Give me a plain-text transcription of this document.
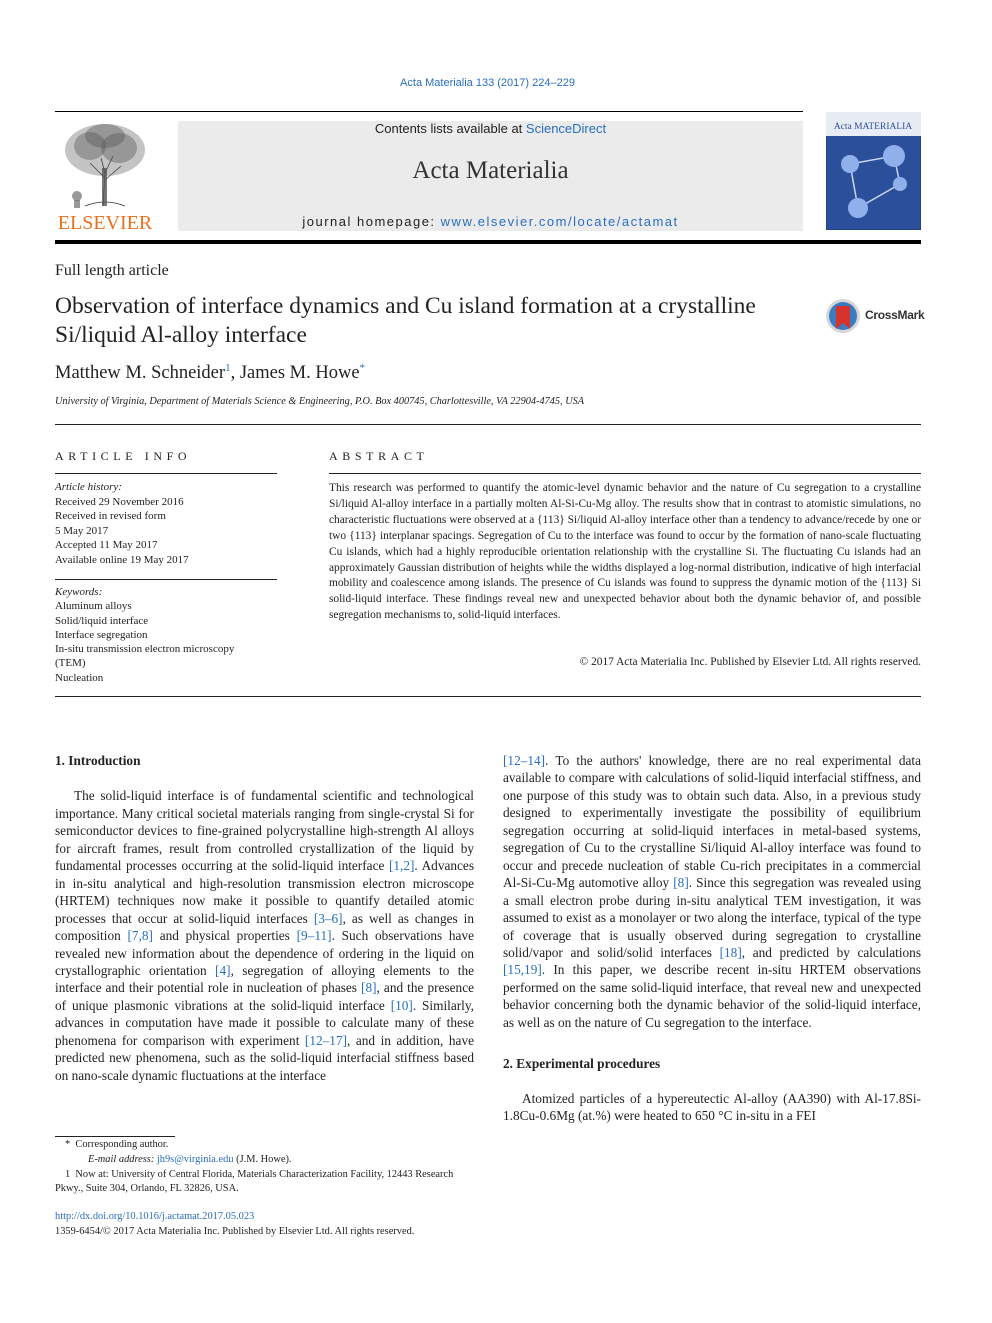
Acta Materialia 133 (2017) 224–229
ELSEVIER
Contents lists available at ScienceDirect
Acta Materialia
journal homepage: www.elsevier.com/locate/actamat
Acta MATERIALIA
Full length article
Observation of interface dynamics and Cu island formation at a crystalline Si/liquid Al-alloy interface
CrossMark
Matthew M. Schneider$^1$, James M. Howe*
University of Virginia, Department of Materials Science & Engineering, P.O. Box 400745, Charlottesville, VA 22904-4745, USA
ARTICLE INFO
Article history:
Received 29 November 2016
Received in revised form
5 May 2017
Accepted 11 May 2017
Available online 19 May 2017
Keywords:
Aluminum alloys
Solid/liquid interface
Interface segregation
In-situ transmission electron microscopy
(TEM)
Nucleation
ABSTRACT
This research was performed to quantify the atomic-level dynamic behavior and the nature of Cu segregation to a crystalline Si/liquid Al-alloy interface in a partially molten Al-Si-Cu-Mg alloy. The results show that in contrast to atomistic simulations, no characteristic fluctuations were observed at a {113} Si/liquid Al-alloy interface other than a tendency to advance/recede by one or two {113} interplanar spacings. Segregation of Cu to the interface was found to occur by the formation of nano-scale fluctuating Cu islands, which had a highly reproducible orientation relationship with the crystalline Si. The fluctuating Cu islands had an approximately Gaussian distribution of heights while the widths displayed a log-normal distribution, indicative of high interfacial mobility and coalescence among islands. The presence of Cu islands was found to suppress the dynamic motion of the {113} Si solid-liquid interface. These findings reveal new and unexpected behavior about both the dynamic behavior of, and possible segregation mechanisms to, solid-liquid interfaces.
© 2017 Acta Materialia Inc. Published by Elsevier Ltd. All rights reserved.

1. Introduction

The solid-liquid interface is of fundamental scientific and technological importance. Many critical societal materials ranging from single-crystal Si for semiconductor devices to fine-grained polycrystalline high-strength Al alloys for aircraft frames, result from controlled crystallization of the liquid by fundamental processes occurring at the solid-liquid interface [1,2]. Advances in in-situ analytical and high-resolution transmission electron microscope (HRTEM) techniques now make it possible to quantify detailed atomic processes that occur at solid-liquid interfaces [3–6], as well as changes in composition [7,8] and physical properties [9–11]. Such observations have revealed new information about the dependence of ordering in the liquid on crystallographic orientation [4], segregation of alloying elements to the interface and their potential role in nucleation of phases [8], and the presence of unique plasmonic vibrations at the solid-liquid interface [10]. Similarly, advances in computation have made it possible to calculate many of these phenomena for comparison with experiment [12–17], and in addition, have predicted new phenomena, such as the solid-liquid interfacial stiffness based on nano-scale dynamic fluctuations at the interface

[12–14]. To the authors' knowledge, there are no real experimental data available to compare with calculations of solid-liquid interfacial stiffness, and one purpose of this study was to obtain such data. Also, in a previous study designed to experimentally investigate the possibility of equilibrium segregation occurring at solid-liquid interfaces in metal-based systems, segregation of Cu to the crystalline Si/liquid Al-alloy interface was found to occur and precede nucleation of stable Cu-rich precipitates in a commercial Al-Si-Cu-Mg automotive alloy [8]. Since this segregation was revealed using a small electron probe during in-situ analytical TEM investigation, it was assumed to exist as a monolayer or two along the interface, typical of the type of coverage that is usually observed during segregation to crystalline solid/vapor and solid/solid interfaces [18], and predicted by calculations [15,19]. In this paper, we describe recent in-situ HRTEM observations performed on the same solid-liquid interface, that reveal new and unexpected behavior concerning both the dynamic behavior of the solid-liquid interface, as well as on the nature of Cu segregation to the interface.

2. Experimental procedures

Atomized particles of a hypereutectic Al-alloy (AA390) with Al-17.8Si-1.8Cu-0.6Mg (at.%) were heated to 650 °C in-situ in a FEI

* Corresponding author.
E-mail address: jh9s@virginia.edu (J.M. Howe).
1 Now at: University of Central Florida, Materials Characterization Facility, 12443 Research Pkwy., Suite 304, Orlando, FL 32826, USA.
http://dx.doi.org/10.1016/j.actamat.2017.05.023
1359-6454/© 2017 Acta Materialia Inc. Published by Elsevier Ltd. All rights reserved.
